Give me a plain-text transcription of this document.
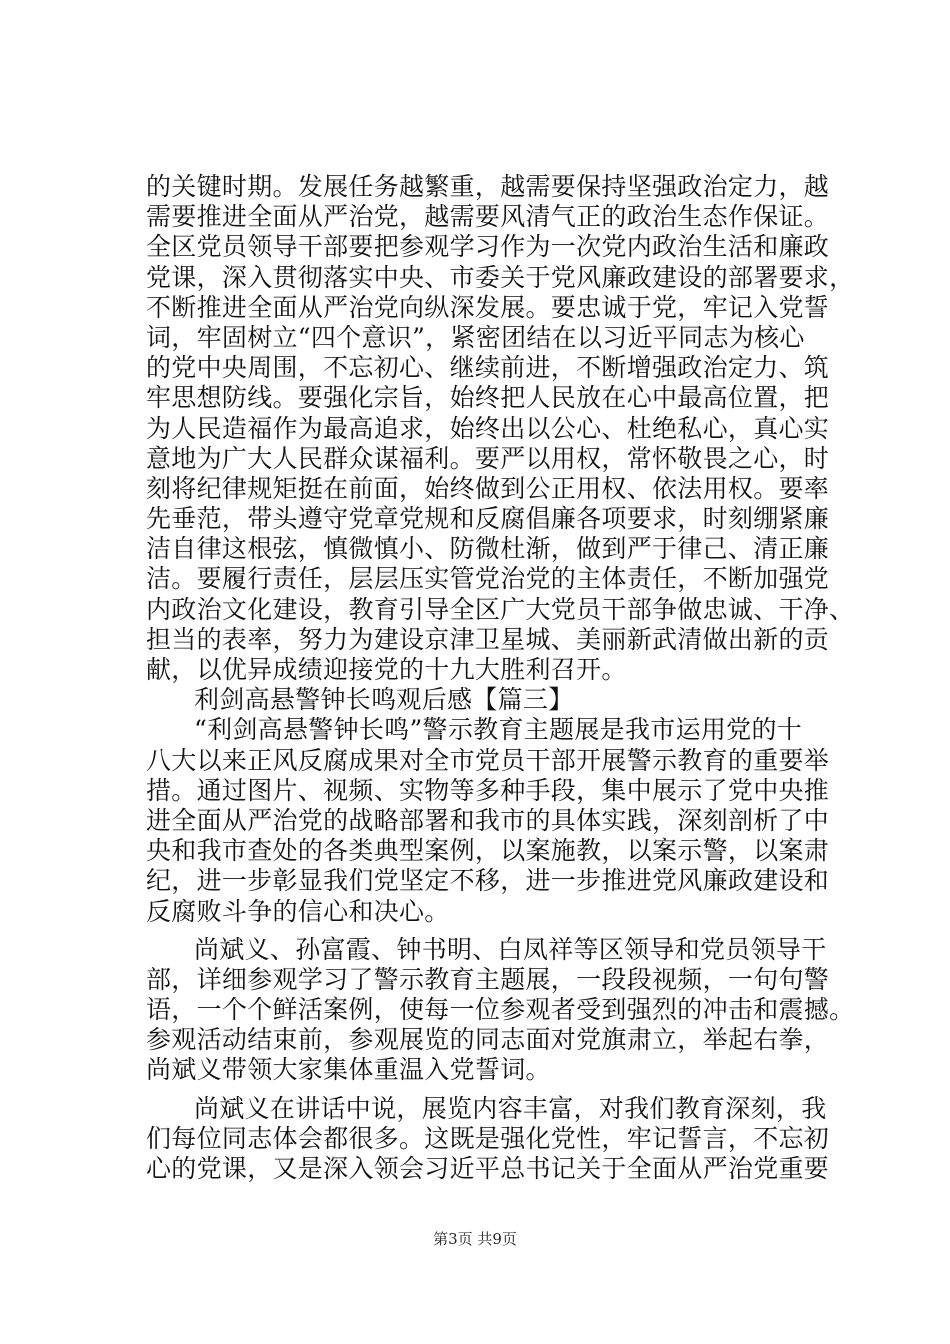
的关键时期。发展任务越繁重，越需要保持坚强政治定力，越
需要推进全面从严治党，越需要风清气正的政治生态作保证。
全区党员领导干部要把参观学习作为一次党内政治生活和廉政
党课，深入贯彻落实中央、市委关于党风廉政建设的部署要求，
不断推进全面从严治党向纵深发展。要忠诚于党，牢记入党誓
词，牢固树立“四个意识”，紧密团结在以习近平同志为核心
的党中央周围，不忘初心、继续前进，不断增强政治定力、筑
牢思想防线。要强化宗旨，始终把人民放在心中最高位置，把
为人民造福作为最高追求，始终出以公心、杜绝私心，真心实
意地为广大人民群众谋福利。要严以用权，常怀敬畏之心，时
刻将纪律规矩挺在前面，始终做到公正用权、依法用权。要率
先垂范，带头遵守党章党规和反腐倡廉各项要求，时刻绷紧廉
洁自律这根弦，慎微慎小、防微杜渐，做到严于律己、清正廉
洁。要履行责任，层层压实管党治党的主体责任，不断加强党
内政治文化建设，教育引导全区广大党员干部争做忠诚、干净、
担当的表率，努力为建设京津卫星城、美丽新武清做出新的贡
献，以优异成绩迎接党的十九大胜利召开。
利剑高悬警钟长鸣观后感【篇三】
“利剑高悬警钟长鸣”警示教育主题展是我市运用党的十
八大以来正风反腐成果对全市党员干部开展警示教育的重要举
措。通过图片、视频、实物等多种手段，集中展示了党中央推
进全面从严治党的战略部署和我市的具体实践，深刻剖析了中
央和我市查处的各类典型案例，以案施教，以案示警，以案肃
纪，进一步彰显我们党坚定不移，进一步推进党风廉政建设和
反腐败斗争的信心和决心。
尚斌义、孙富霞、钟书明、白凤祥等区领导和党员领导干
部，详细参观学习了警示教育主题展，一段段视频，一句句警
语，一个个鲜活案例，使每一位参观者受到强烈的冲击和震撼。
参观活动结束前，参观展览的同志面对党旗肃立，举起右拳，
尚斌义带领大家集体重温入党誓词。
尚斌义在讲话中说，展览内容丰富，对我们教育深刻，我
们每位同志体会都很多。这既是强化党性，牢记誓言，不忘初
心的党课，又是深入领会习近平总书记关于全面从严治党重要
第3页 共9页
